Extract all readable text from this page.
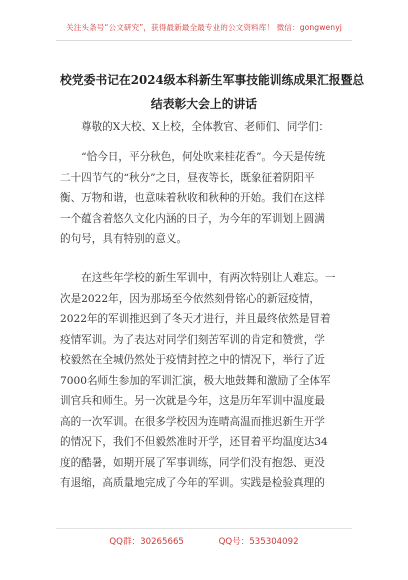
关注头条号“公文研究”，获得最新最全最专业的公文资料库！ 微信：gongwenyj
校党委书记在2024级本科新生军事技能训练成果汇报暨总
结表彰大会上的讲话
尊敬的X大校、X上校，全体教官、老师们、同学们：
　　“恰今日，平分秋色，何处吹来桂花香”。今天是传统
二十四节气的“秋分”之日，昼夜等长，既象征着阴阳平
衡、万物和谐，也意味着秋收和秋种的开始。我们在这样
一个蕴含着悠久文化内涵的日子，为今年的军训划上圆满
的句号，具有特别的意义。
　　在这些年学校的新生军训中，有两次特别让人难忘。一
次是2022年，因为那场至今依然刻骨铭心的新冠疫情，
2022年的军训推迟到了冬天才进行，并且最终依然是冒着
疫情军训。为了表达对同学们刻苦军训的肯定和赞赏，学
校毅然在全城仍然处于疫情封控之中的情况下，举行了近
7000名师生参加的军训汇演，极大地鼓舞和激励了全体军
训官兵和师生。另一次就是今年，这是历年军训中温度最
高的一次军训。在很多学校因为连晴高温而推迟新生开学
的情况下，我们不但毅然准时开学，还冒着平均温度达34
度的酷暑，如期开展了军事训练，同学们没有抱怨、更没
有退缩，高质量地完成了今年的军训。实践是检验真理的
QQ群：30265665	QQ号：535304092
